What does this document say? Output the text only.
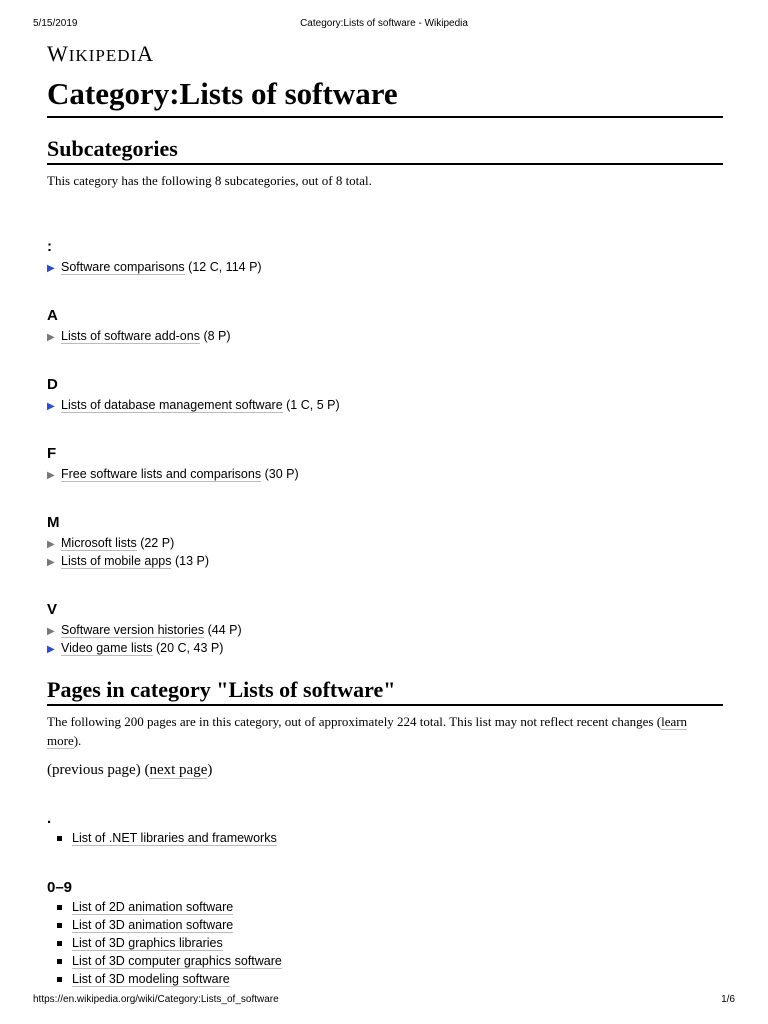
5/15/2019	Category:Lists of software - Wikipedia
WIKIPEDIA
Category:Lists of software
Subcategories

This category has the following 8 subcategories, out of 8 total.

:
▶ Software comparisons (12 C, 114 P)
A
▶ Lists of software add-ons (8 P)
D
▶ Lists of database management software (1 C, 5 P)
F
▶ Free software lists and comparisons (30 P)
M
▶ Microsoft lists (22 P)
▶ Lists of mobile apps (13 P)
V
▶ Software version histories (44 P)
▶ Video game lists (20 C, 43 P)
Pages in category "Lists of software"

The following 200 pages are in this category, out of approximately 224 total. This list may not reflect recent changes (learn more).

(previous page) (next page)
.
List of .NET libraries and frameworks
0–9
List of 2D animation software
List of 3D animation software
List of 3D graphics libraries
List of 3D computer graphics software
List of 3D modeling software
https://en.wikipedia.org/wiki/Category:Lists_of_software	1/6
